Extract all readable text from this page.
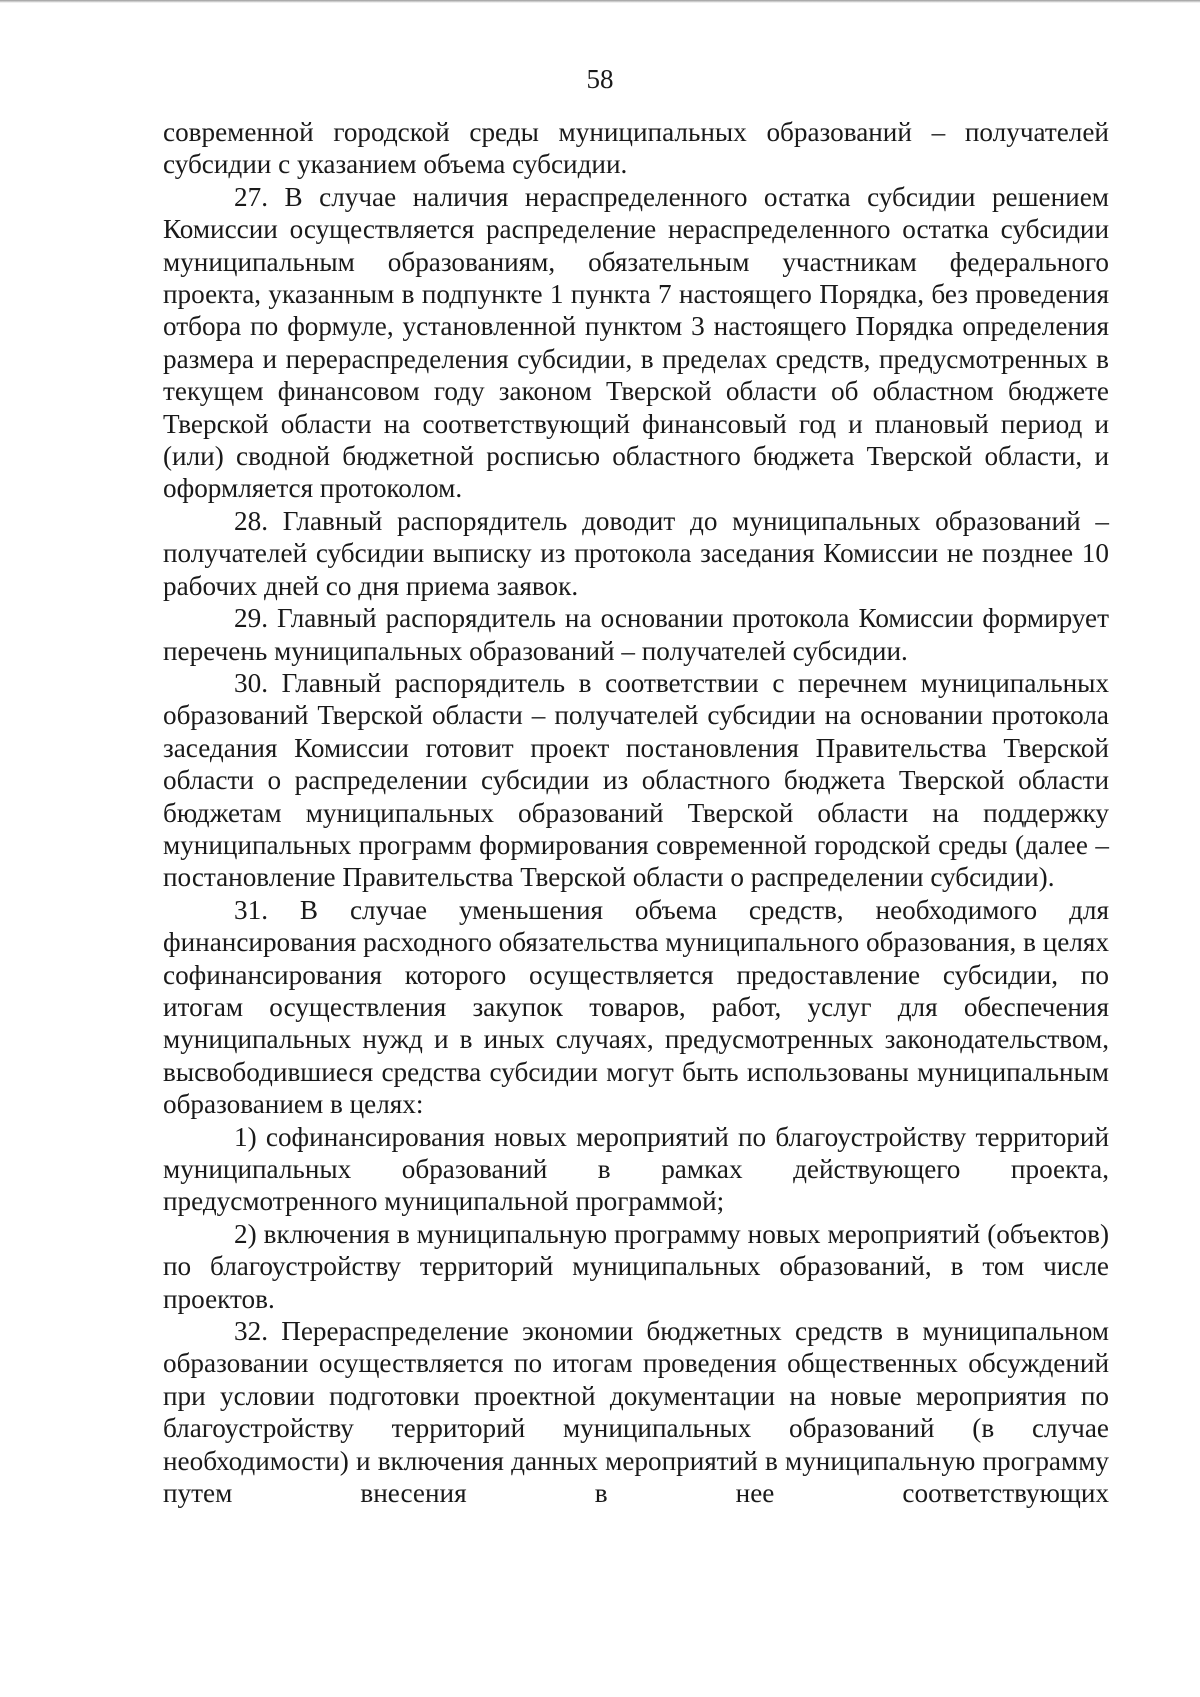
58

современной городской среды муниципальных образований – получателей субсидии с указанием объема субсидии.

27. В случае наличия нераспределенного остатка субсидии решением Комиссии осуществляется распределение нераспределенного остатка субсидии муниципальным образованиям, обязательным участникам федерального проекта, указанным в подпункте 1 пункта 7 настоящего Порядка, без проведения отбора по формуле, установленной пунктом 3 настоящего Порядка определения размера и перераспределения субсидии, в пределах средств, предусмотренных в текущем финансовом году законом Тверской области об областном бюджете Тверской области на соответствующий финансовый год и плановый период и (или) сводной бюджетной росписью областного бюджета Тверской области, и оформляется протоколом.

28. Главный распорядитель доводит до муниципальных образований – получателей субсидии выписку из протокола заседания Комиссии не позднее 10 рабочих дней со дня приема заявок.

29. Главный распорядитель на основании протокола Комиссии формирует перечень муниципальных образований – получателей субсидии.

30. Главный распорядитель в соответствии с перечнем муниципальных образований Тверской области – получателей субсидии на основании протокола заседания Комиссии готовит проект постановления Правительства Тверской области о распределении субсидии из областного бюджета Тверской области бюджетам муниципальных образований Тверской области на поддержку муниципальных программ формирования современной городской среды (далее – постановление Правительства Тверской области о распределении субсидии).

31. В случае уменьшения объема средств, необходимого для финансирования расходного обязательства муниципального образования, в целях софинансирования которого осуществляется предоставление субсидии, по итогам осуществления закупок товаров, работ, услуг для обеспечения муниципальных нужд и в иных случаях, предусмотренных законодательством, высвободившиеся средства субсидии могут быть использованы муниципальным образованием в целях:

1) софинансирования новых мероприятий по благоустройству территорий муниципальных образований в рамках действующего проекта, предусмотренного муниципальной программой;

2) включения в муниципальную программу новых мероприятий (объектов) по благоустройству территорий муниципальных образований, в том числе проектов.

32. Перераспределение экономии бюджетных средств в муниципальном образовании осуществляется по итогам проведения общественных обсуждений при условии подготовки проектной документации на новые мероприятия по благоустройству территорий муниципальных образований (в случае необходимости) и включения данных мероприятий в муниципальную программу путем внесения в нее соответствующих
